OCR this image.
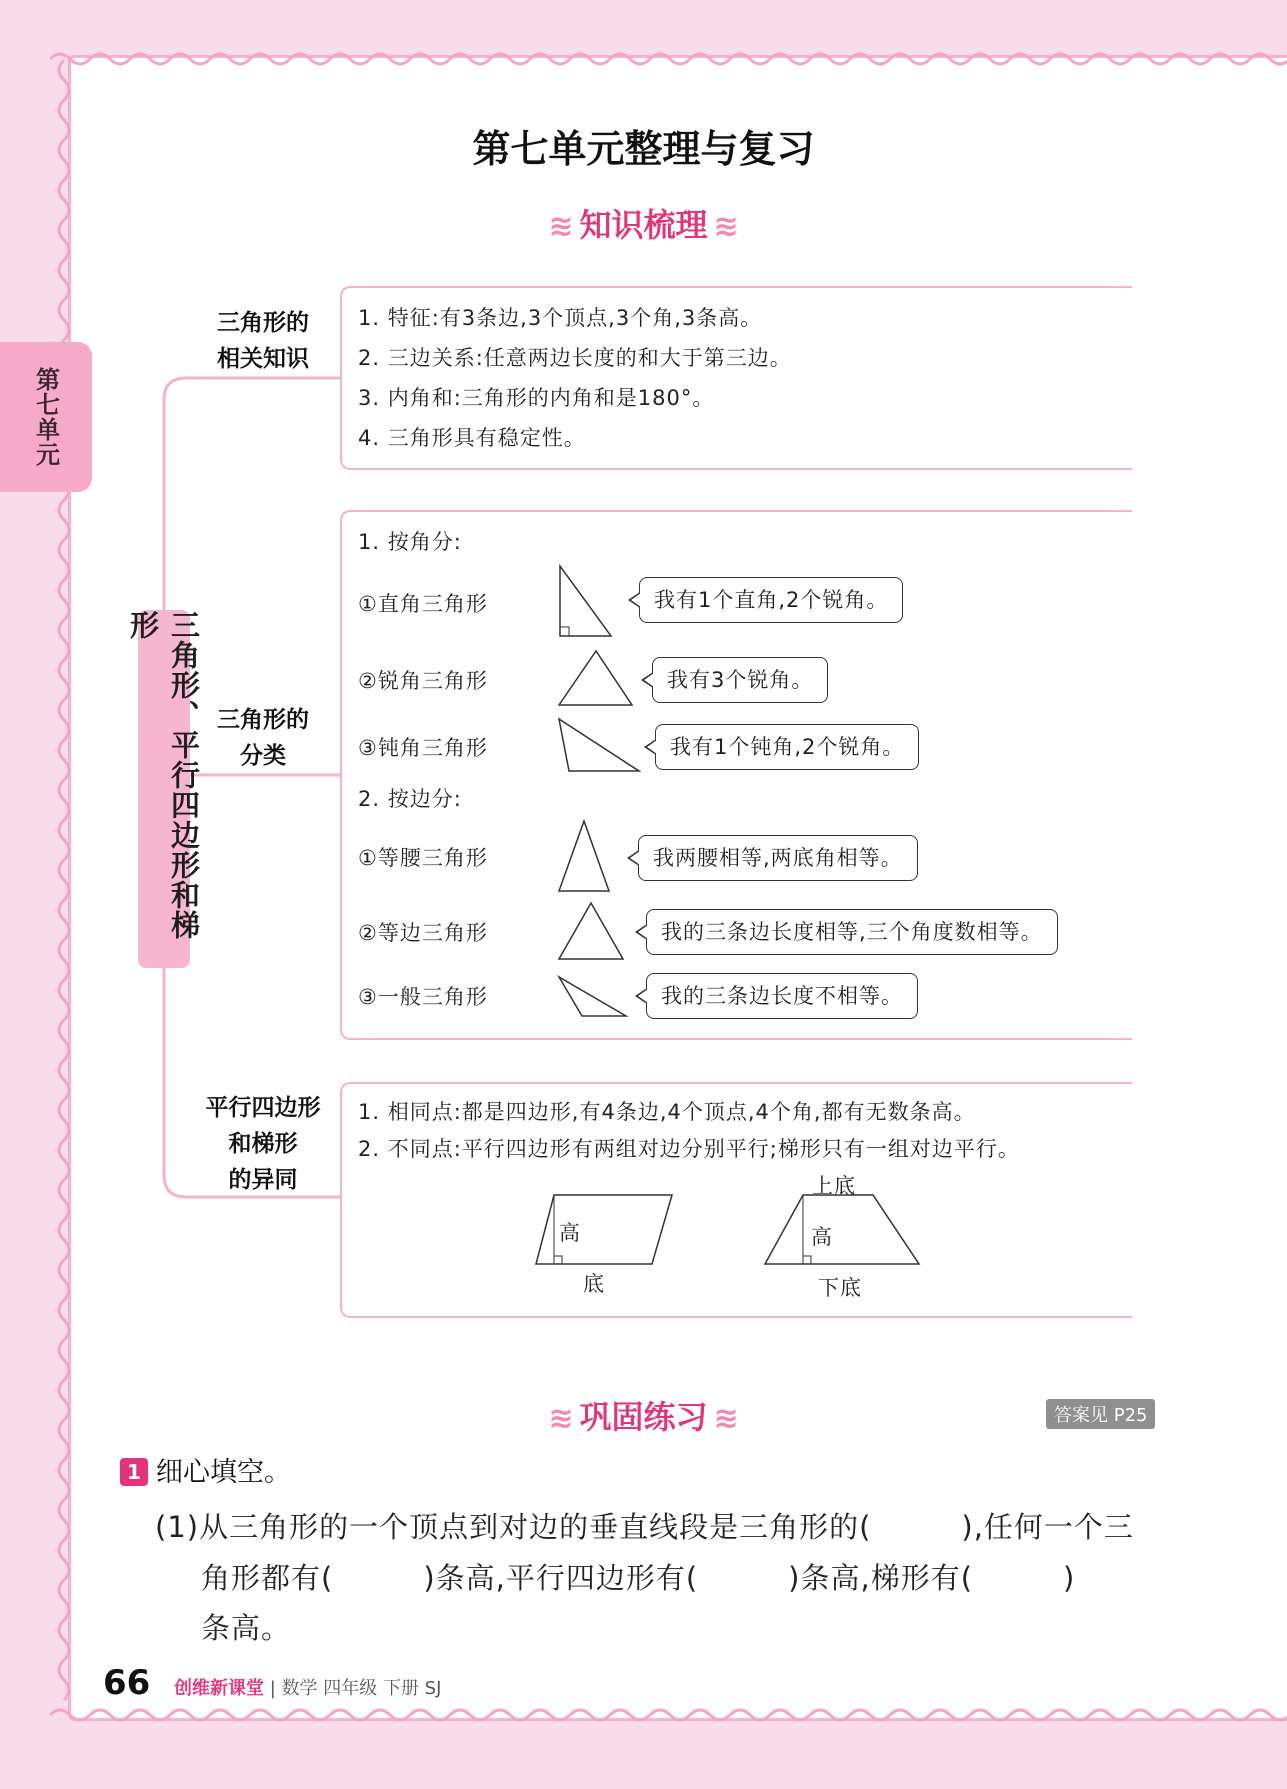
第七单元
第七单元整理与复习
≋ 知识梳理 ≋
三角形、平行四边形和梯形
三角形的
相关知识
三角形的
分类
平行四边形
和梯形
的异同
1. 特征:有3条边,3个顶点,3个角,3条高。
2. 三边关系:任意两边长度的和大于第三边。
3. 内角和:三角形的内角和是180°。
4. 三角形具有稳定性。
1. 按角分:
①直角三角形	我有1个直角,2个锐角。
②锐角三角形	我有3个锐角。
③钝角三角形	我有1个钝角,2个锐角。
2. 按边分:
①等腰三角形	我两腰相等,两底角相等。
②等边三角形	我的三条边长度相等,三个角度数相等。
③一般三角形	我的三条边长度不相等。
1. 相同点:都是四边形,有4条边,4个顶点,4个角,都有无数条高。
2. 不同点:平行四边形有两组对边分别平行;梯形只有一组对边平行。
高
底
上底
高
下底
≋ 巩固练习 ≋	答案见 P25
1 细心填空。
(1)从三角形的一个顶点到对边的垂直线段是三角形的(　　　),任何一个三
角形都有(　　　)条高,平行四边形有(　　　)条高,梯形有(　　　)
条高。
66 创维新课堂 | 数学 四年级 下册 SJ
